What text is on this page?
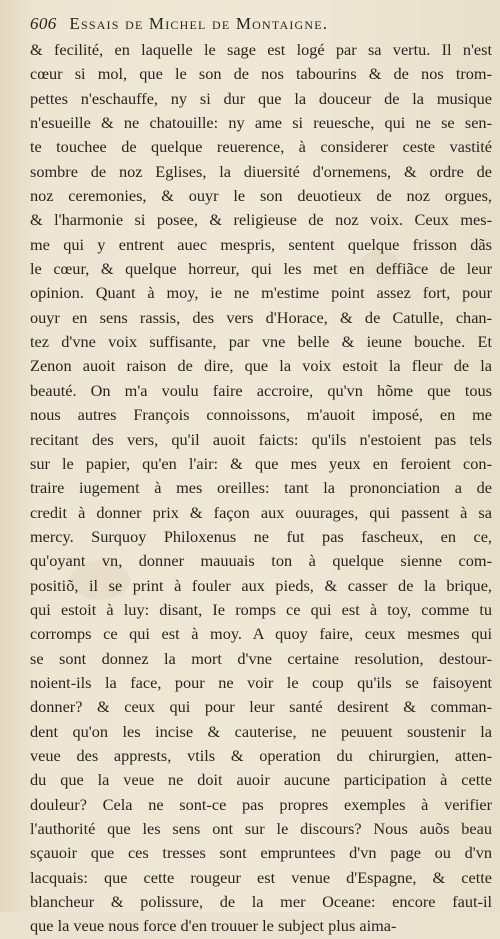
606 Essais de Michel de Montaigne.
& fecilité, en laquelle le sage est logé par sa vertu. Il n'est
cœur si mol, que le son de nos tabourins & de nos trom-
pettes n'eschauffe, ny si dur que la douceur de la musique
n'esueille & ne chatouille: ny ame si reuesche, qui ne se sen-
te touchee de quelque reuerence, à considerer ceste vastité
sombre de noz Eglises, la diuersité d'ornemens, & ordre de
noz ceremonies, & ouyr le son deuotieux de noz orgues,
& l'harmonie si posee, & religieuse de noz voix. Ceux mes-
me qui y entrent auec mespris, sentent quelque frisson dãs
le cœur, & quelque horreur, qui les met en deffiãce de leur
opinion. Quant à moy, ie ne m'estime point assez fort, pour
ouyr en sens rassis, des vers d'Horace, & de Catulle, chan-
tez d'vne voix suffisante, par vne belle & ieune bouche. Et
Zenon auoit raison de dire, que la voix estoit la fleur de la
beauté. On m'a voulu faire accroire, qu'vn hõme que tous
nous autres François connoissons, m'auoit imposé, en me
recitant des vers, qu'il auoit faicts: qu'ils n'estoient pas tels
sur le papier, qu'en l'air: & que mes yeux en feroient con-
traire iugement à mes oreilles: tant la prononciation a de
credit à donner prix & façon aux ouurages, qui passent à sa
mercy. Surquoy Philoxenus ne fut pas fascheux, en ce,
qu'oyant vn, donner mauuais ton à quelque sienne com-
positiõ, il se print à fouler aux pieds, & casser de la brique,
qui estoit à luy: disant, Ie romps ce qui est à toy, comme tu
corromps ce qui est à moy. A quoy faire, ceux mesmes qui
se sont donnez la mort d'vne certaine resolution, destour-
noient-ils la face, pour ne voir le coup qu'ils se faisoyent
donner? & ceux qui pour leur santé desirent & comman-
dent qu'on les incise & cauterise, ne peuuent soustenir la
veue des apprests, vtils & operation du chirurgien, atten-
du que la veue ne doit auoir aucune participation à cette
douleur? Cela ne sont-ce pas propres exemples à verifier
l'authorité que les sens ont sur le discours? Nous auõs beau
sçauoir que ces tresses sont empruntees d'vn page ou d'vn
lacquais: que cette rougeur est venue d'Espagne, & cette
blancheur & polissure, de la mer Oceane: encore faut-il
que la veue nous force d'en trouuer le subject plus aima-
